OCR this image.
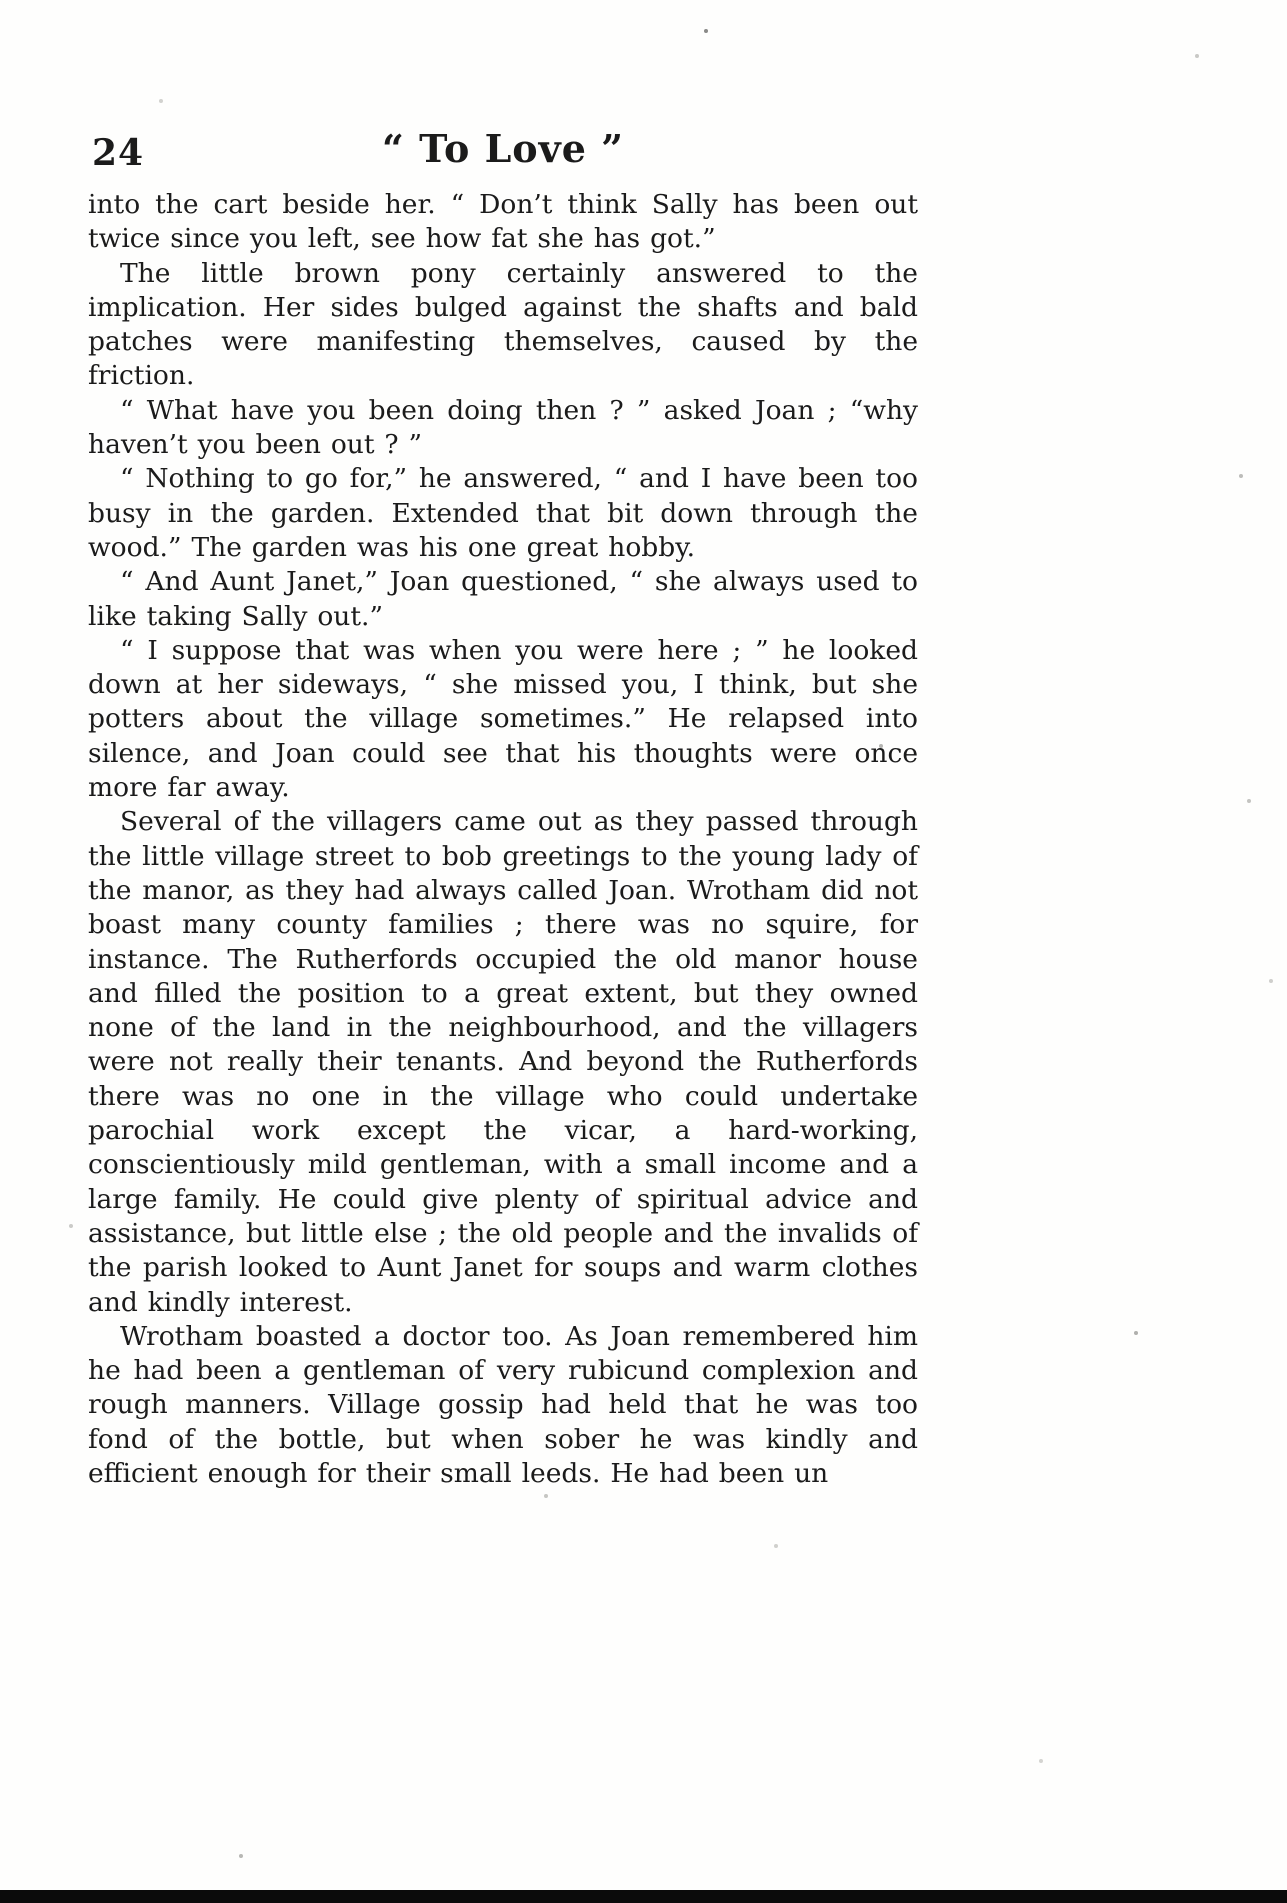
24	“ To Love ”

into the cart beside her. “ Don’t think Sally has been out twice since you left, see how fat she has got.”

The little brown pony certainly answered to the implication. Her sides bulged against the shafts and bald patches were manifesting themselves, caused by the friction.

“ What have you been doing then ? ” asked Joan ; “why haven’t you been out ? ”

“ Nothing to go for,” he answered, “ and I have been too busy in the garden. Extended that bit down through the wood.” The garden was his one great hobby.

“ And Aunt Janet,” Joan questioned, “ she always used to like taking Sally out.”

“ I suppose that was when you were here ; ” he looked down at her sideways, “ she missed you, I think, but she potters about the village sometimes.” He relapsed into silence, and Joan could see that his thoughts were once more far away.

Several of the villagers came out as they passed through the little village street to bob greetings to the young lady of the manor, as they had always called Joan. Wrotham did not boast many county families ; there was no squire, for instance. The Rutherfords occupied the old manor house and filled the position to a great extent, but they owned none of the land in the neighbourhood, and the villagers were not really their tenants. And beyond the Rutherfords there was no one in the village who could undertake parochial work except the vicar, a hard-working, conscientiously mild gentleman, with a small income and a large family. He could give plenty of spiritual advice and assistance, but little else ; the old people and the invalids of the parish looked to Aunt Janet for soups and warm clothes and kindly interest.

Wrotham boasted a doctor too. As Joan remembered him he had been a gentleman of very rubicund complexion and rough manners. Village gossip had held that he was too fond of the bottle, but when sober he was kindly and efficient enough for their small leeds. He had been un
